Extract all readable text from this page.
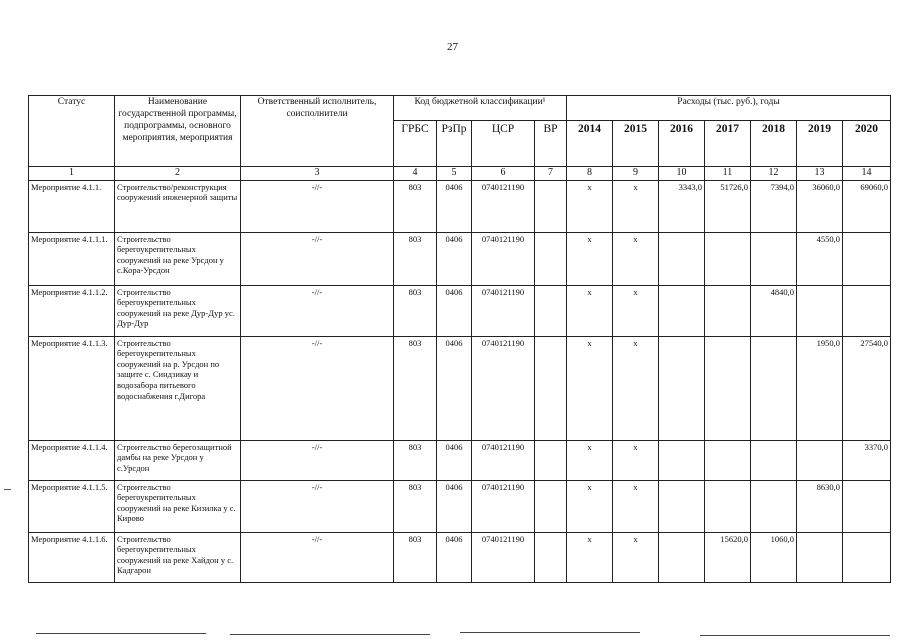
27
Статус	Наименование государственной программы, подпрограммы, основного мероприятия, мероприятия	Ответственный исполнитель, соисполнители	Код бюджетной классификации¹				Расходы (тыс. руб.), годы						
			ГРБС	РзПр	ЦСР	ВР	2014	2015	2016	2017	2018	2019	2020
1	2	3	4	5	6	7	8	9	10	11	12	13	14
Мероприятие 4.1.1.	Строительство/реконструкция сооружений инженерной защиты	-//-	803	0406	0740121190		x	x	3343,0	51726,0	7394,0	36060,0	69060,0
Мероприятие 4.1.1.1.	Строительство берегоукрепительных сооружений на реке Урсдон у с.Кора-Урсдон	-//-	803	0406	0740121190		x	x				4550,0	
Мероприятие 4.1.1.2.	Строительство берегоукрепительных сооружений на реке Дур-Дур ус. Дур-Дур	-//-	803	0406	0740121190		x	x			4840,0		
Мероприятие 4.1.1.3.	Строительство берегоукрепительных сооружений на р. Урсдон по защите с. Синдзикау и водозабора питьевого водоснабжения г.Дигора	-//-	803	0406	0740121190		x	x				1950,0	27540,0
Мероприятие 4.1.1.4.	Строительство берегозащитной дамбы на реке Урсдон у с.Урсдон	-//-	803	0406	0740121190		x	x					3370,0
Мероприятие 4.1.1.5.	Строительство берегоукрепительных сооружений на реке Кизилка у с. Кирово	-//-	803	0406	0740121190		x	x				8630,0	
Мероприятие 4.1.1.6.	Строительство берегоукрепительных сооружений на реке Хайдон у с. Кадгарон	-//-	803	0406	0740121190		x	x		15620,0	1060,0		
